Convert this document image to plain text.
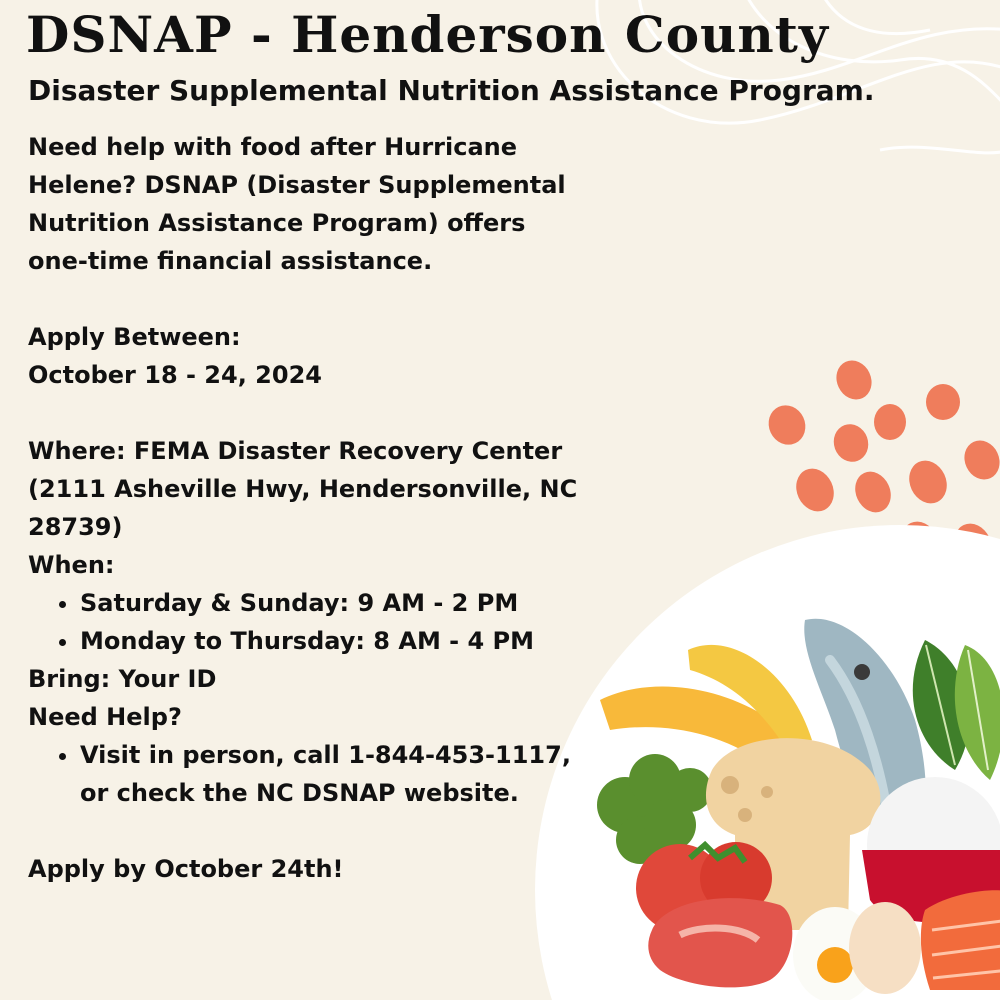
DSNAP - Henderson County
Disaster Supplemental Nutrition Assistance Program.

Need help with food after Hurricane Helene? DSNAP (Disaster Supplemental Nutrition Assistance Program) offers one-time financial assistance.

Apply Between:

October 18 - 24, 2024

Where: FEMA Disaster Recovery Center (2111 Asheville Hwy, Hendersonville, NC 28739)

When:

• Saturday & Sunday: 9 AM - 2 PM
• Monday to Thursday: 8 AM - 4 PM

Bring: Your ID

Need Help?

• Visit in person, call 1-844-453-1117, or check the NC DSNAP website.

Apply by October 24th!
